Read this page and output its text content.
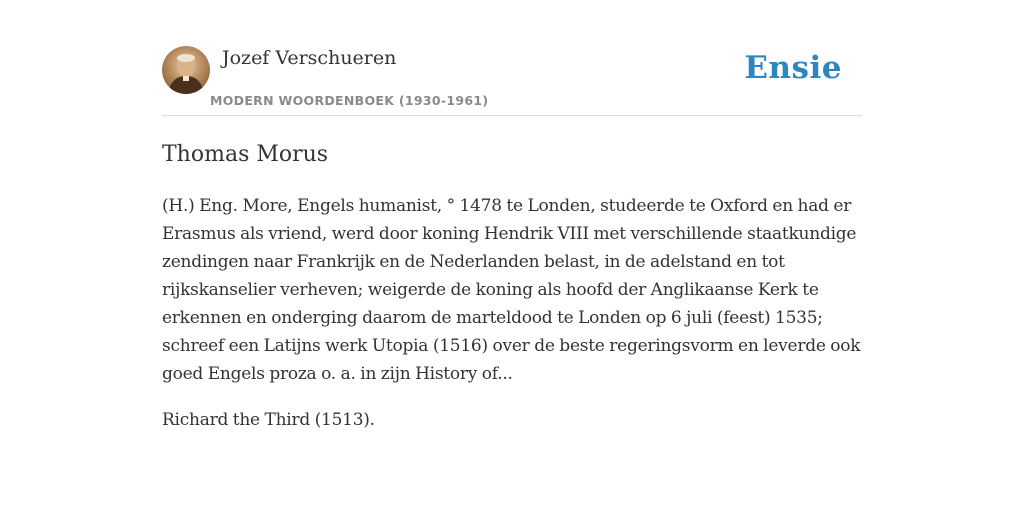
Jozef Verschueren
MODERN WOORDENBOEK (1930-1961)
Ensie
Thomas Morus

(H.) Eng. More, Engels humanist, ° 1478 te Londen, studeerde te Oxford en had er Erasmus als vriend, werd door koning Hendrik VIII met verschillende staatkundige zendingen naar Frankrijk en de Nederlanden belast, in de adelstand en tot rijkskanselier verheven; weigerde de koning als hoofd der Anglikaanse Kerk te erkennen en onderging daarom de marteldood te Londen op 6 juli (feest) 1535; schreef een Latijns werk Utopia (1516) over de beste regeringsvorm en leverde ook goed Engels proza o. a. in zijn History of...

Richard the Third (1513).
